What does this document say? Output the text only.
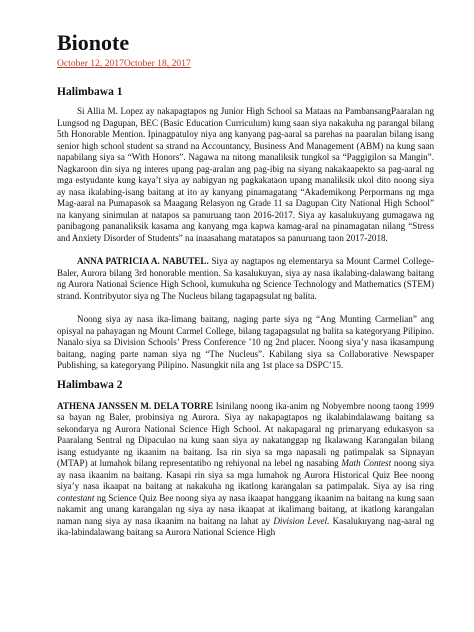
Bionote
October 12, 2017October 18, 2017
Halimbawa 1

Si Allia M. Lopez ay nakapagtapos ng Junior High School sa Mataas na PambansangPaaralan ng Lungsod ng Dagupan, BEC (Basic Education Curriculum) kung saan siya nakakuha ng parangal bilang 5th Honorable Mention. Ipinagpatuloy niya ang kanyang pag-aaral sa parehas na paaralan bilang isang senior high school student sa strand na Accountancy, Business And Management (ABM) na kung saan napabilang siya sa “With Honors”. Nagawa na nitong manaliksik tungkol sa “Paggigilon sa Mangin”. Nagkaroon din siya ng interes upang pag-aralan ang pag-ibig na siyang nakakaapekto sa pag-aaral ng mga estyudante kung kaya’t siya ay nabigyan ng pagkakataon upang manaliksik ukol dito noong siya ay nasa ikalabing-isang baitang at ito ay kanyang pinamagatang “Akademikong Perpormans ng mga Mag-aaral na Pumapasok sa Maagang Relasyon ng Grade 11 sa Dagupan City National High School” na kanyang sinimulan at natapos sa panuruang taon 2016-2017. Siya ay kasalukuyang gumagawa ng panibagong pananaliksik kasama ang kanyang mga kapwa kamag-aral na pinamagatan nilang “Stress and Anxiety Disorder of Students” na inaasahang matatapos sa panuruang taon 2017-2018.

ANNA PATRICIA A. NABUTEL. Siya ay nagtapos ng elementarya sa Mount Carmel College-Baler, Aurora bilang 3rd honorable mention. Sa kasalukuyan, siya ay nasa ikalabing-dalawang baitang ng Aurora National Science High School, kumukuha ng Science Technology and Mathematics (STEM) strand. Kontribyutor siya ng The Nucleus bilang tagapagsulat ng balita.

Noong siya ay nasa ika-limang baitang, naging parte siya ng “Ang Munting Carmelian” ang opisyal na pahayagan ng Mount Carmel College, bilang tagapagsulat ng balita sa kategoryang Pilipino. Nanalo siya sa Division Schools’ Press Conference ’10 ng 2nd placer. Noong siya’y nasa ikasampung baitang, naging parte naman siya ng “The Nucleus”. Kabilang siya sa Collaborative Newspaper Publishing, sa kategoryang Pilipino. Nasungkit nila ang 1st place sa DSPC’15.

Halimbawa 2

ATHENA JANSSEN M. DELA TORRE Isinilang noong ika-anim ng Nobyembre noong taong 1999 sa bayan ng Baler, probinsiya ng Aurora. Siya ay nakapagtapos ng ikalabindalawang baitang sa sekondarya ng Aurora National Science High School. At nakapagaral ng primaryang edukasyon sa Paaralang Sentral ng Dipaculao na kung saan siya ay nakatanggap ng Ikalawang Karangalan bilang isang estudyante ng ikaanim na baitang. Isa rin siya sa mga napasali ng patimpalak sa Sipnayan (MTAP) at lumahok bilang representatibo ng rehiyonal na lebel ng nasabing Math Contest noong siya ay nasa ikaanim na baitang. Kasapi rin siya sa mga lumahok ng Aurora Historical Quiz Bee noong siya’y nasa ikaapat na baitang at nakakuha ng ikatlong karangalan sa patimpalak. Siya ay isa ring contestant ng Science Quiz Bee noong siya ay nasa ikaapat hanggang ikaanim na baitang na kung saan nakamit ang unang karangalan ng siya ay nasa ikaapat at ikalimang baitang, at ikatlong karangalan naman nang siya ay nasa ikaanim na baitang na lahat ay Division Level. Kasalukuyang nag-aaral ng ika-labindalawang baitang sa Aurora National Science High
